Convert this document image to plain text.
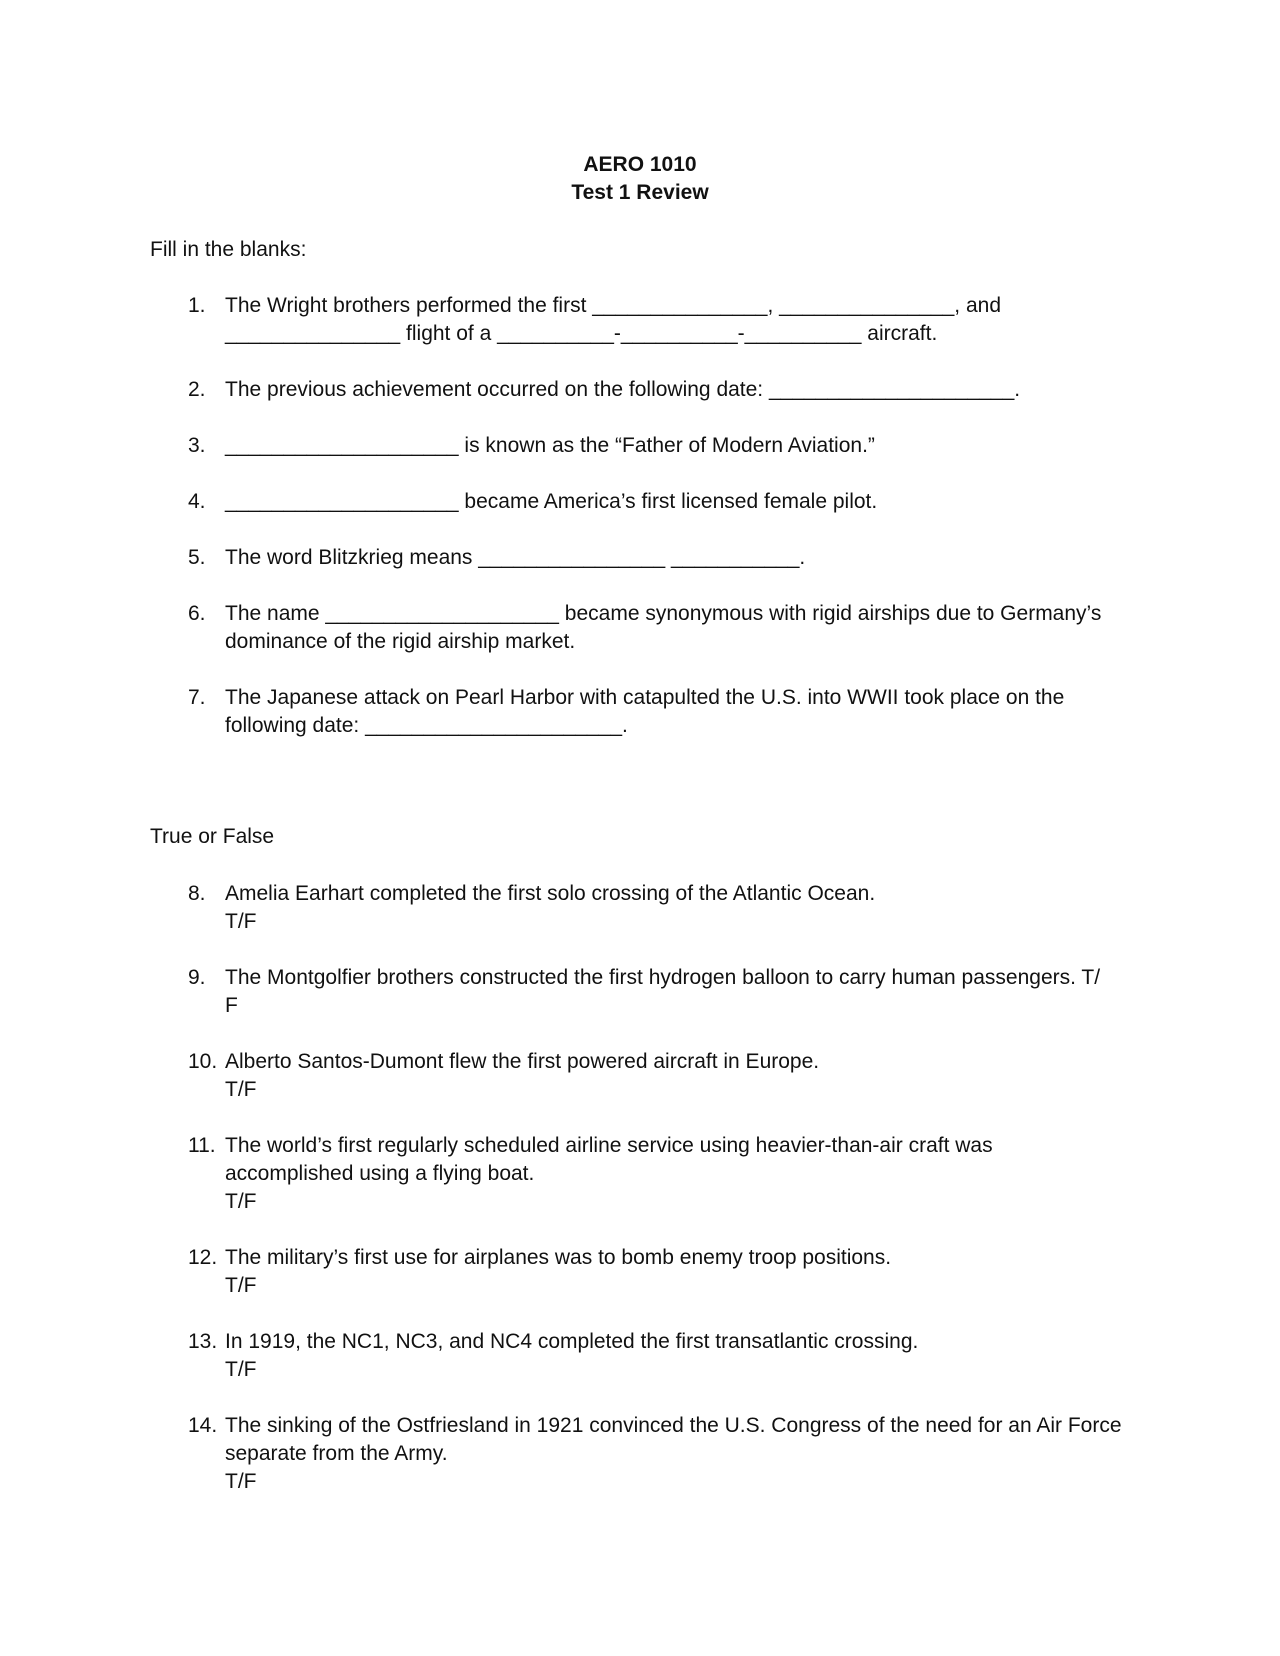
AERO 1010
Test 1 Review
Fill in the blanks:
1. The Wright brothers performed the first _______________, _______________, and
_______________ flight of a __________-__________-__________ aircraft.
2. The previous achievement occurred on the following date: _____________________.
3. ____________________ is known as the “Father of Modern Aviation.”
4. ____________________ became America’s first licensed female pilot.
5. The word Blitzkrieg means ________________ ___________.
6. The name ____________________ became synonymous with rigid airships due to Germany’s
dominance of the rigid airship market.
7. The Japanese attack on Pearl Harbor with catapulted the U.S. into WWII took place on the
following date: ______________________.
True or False
8. Amelia Earhart completed the first solo crossing of the Atlantic Ocean.
T/F
9. The Montgolfier brothers constructed the first hydrogen balloon to carry human passengers. T/
F
10. Alberto Santos-Dumont flew the first powered aircraft in Europe.
T/F
11. The world’s first regularly scheduled airline service using heavier-than-air craft was
accomplished using a flying boat.
T/F
12. The military’s first use for airplanes was to bomb enemy troop positions.
T/F
13. In 1919, the NC1, NC3, and NC4 completed the first transatlantic crossing.
T/F
14. The sinking of the Ostfriesland in 1921 convinced the U.S. Congress of the need for an Air Force
separate from the Army.
T/F
